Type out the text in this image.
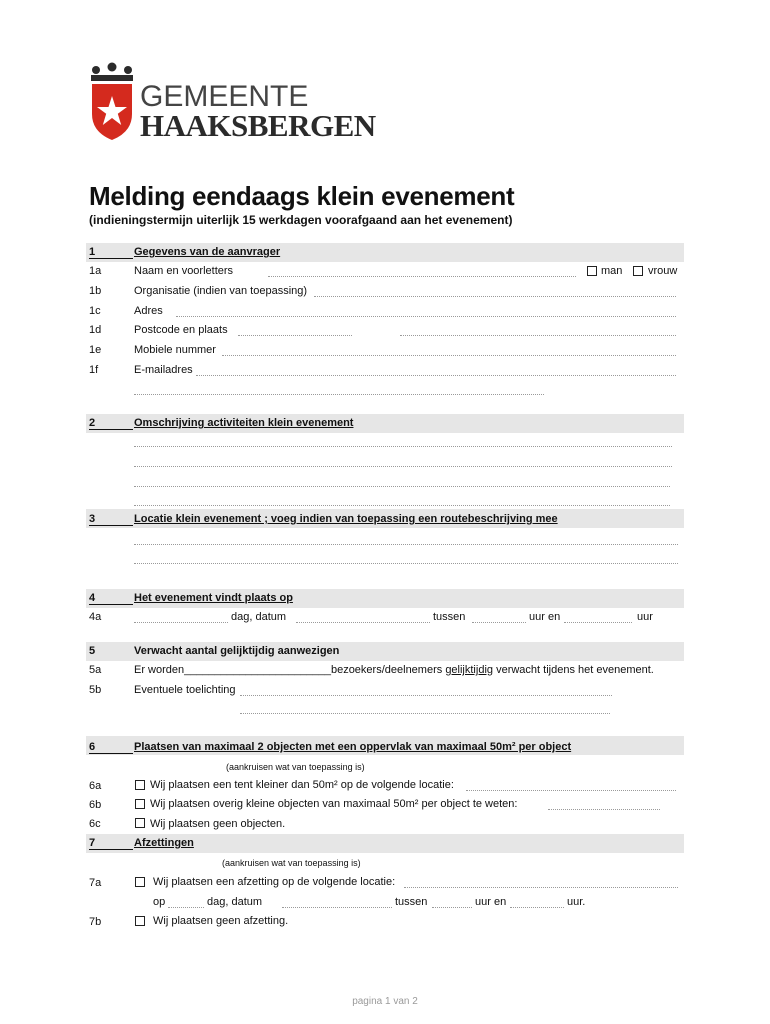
GEMEENTE
HAAKSBERGEN
Melding eendaags klein evenement
(indieningstermijn uiterlijk 15 werkdagen voorafgaand aan het evenement)
1	Gegevens van de aanvrager
1a	Naam en voorletters	man vrouw
1b	Organisatie (indien van toepassing)
1c	Adres
1d	Postcode en plaats
1e	Mobiele nummer
1f	E-mailadres
2	Omschrijving activiteiten klein evenement
3	Locatie klein evenement ; voeg indien van toepassing een routebeschrijving mee
4	Het evenement vindt plaats op
4a	dag, datum	tussen	uur en	uur
5	Verwacht aantal gelijktijdig aanwezigen
5a	Er worden________________________bezoekers/deelnemers gelijktijdig verwacht tijdens het evenement.
5b	Eventuele toelichting
6	Plaatsen van maximaal 2 objecten met een oppervlak van maximaal 50m² per object
(aankruisen wat van toepassing is)
6a	Wij plaatsen een tent kleiner dan 50m² op de volgende locatie:
6b	Wij plaatsen overig kleine objecten van maximaal 50m² per object te weten:
6c	Wij plaatsen geen objecten.
7	Afzettingen
(aankruisen wat van toepassing is)
7a	Wij plaatsen een afzetting op de volgende locatie:
op	dag, datum	tussen	uur en	uur.
7b	Wij plaatsen geen afzetting.
pagina 1 van 2
